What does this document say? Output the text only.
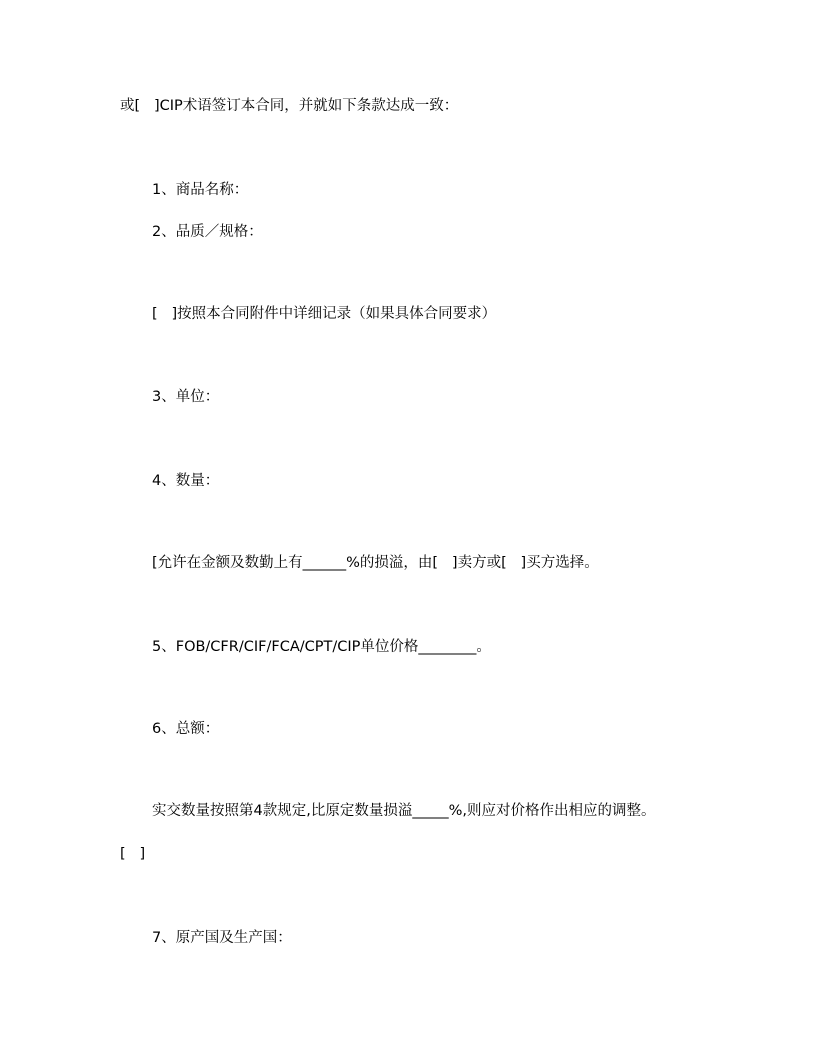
或[   ]CIP术语签订本合同，并就如下条款达成一致：
1、商品名称：
2、品质／规格：
[   ]按照本合同附件中详细记录（如果具体合同要求）
3、单位：
4、数量：
[允许在金额及数勤上有______%的损溢，由[   ]卖方或[   ]买方选择。
5、FOB/CFR/CIF/FCA/CPT/CIP单位价格________。
6、总额：
实交数量按照第4款规定,比原定数量损溢_____%,则应对价格作出相应的调整。
[   ]
7、原产国及生产国：
